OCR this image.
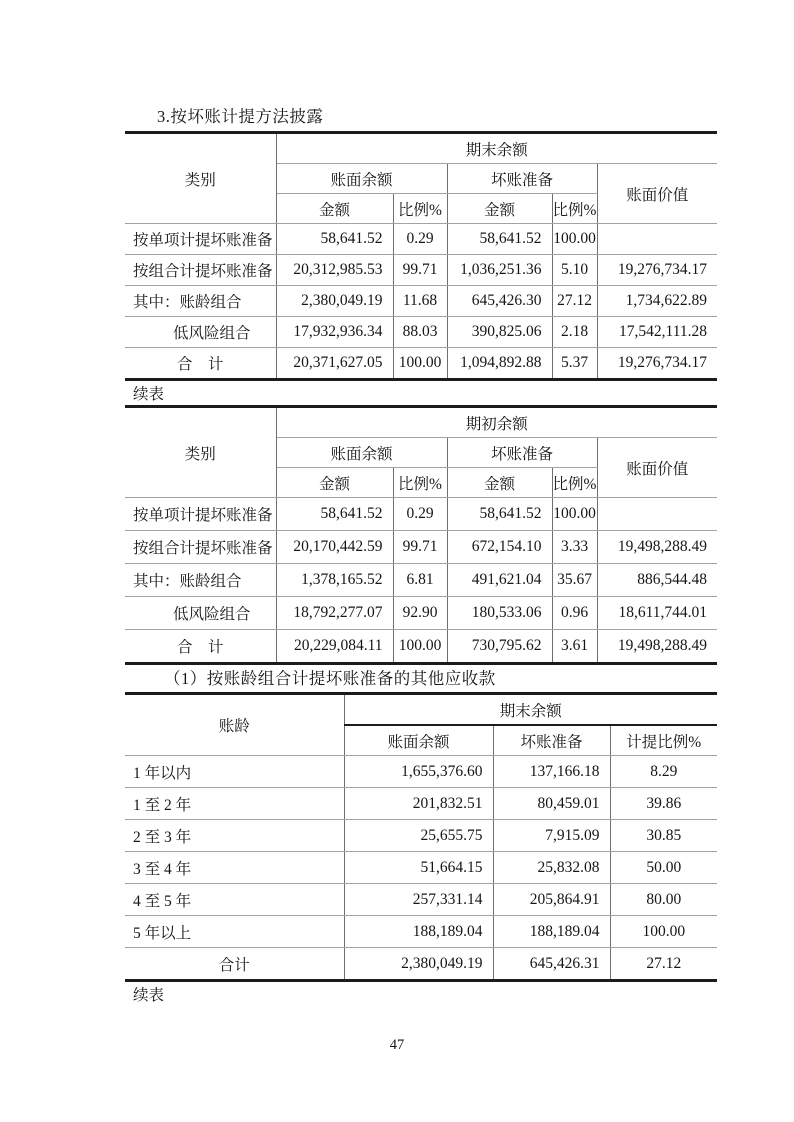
3.按坏账计提方法披露
类别	期末余额				
	账面余额		坏账准备		账面价值
	金额	比例%	金额	比例%	
按单项计提坏账准备	58,641.52	0.29	58,641.52	100.00	
按组合计提坏账准备	20,312,985.53	99.71	1,036,251.36	5.10	19,276,734.17
其中：账龄组合	2,380,049.19	11.68	645,426.30	27.12	1,734,622.89
低风险组合	17,932,936.34	88.03	390,825.06	2.18	17,542,111.28
合　计	20,371,627.05	100.00	1,094,892.88	5.37	19,276,734.17
续表
类别	期初余额				
	账面余额		坏账准备		账面价值
	金额	比例%	金额	比例%	
按单项计提坏账准备	58,641.52	0.29	58,641.52	100.00	
按组合计提坏账准备	20,170,442.59	99.71	672,154.10	3.33	19,498,288.49
其中：账龄组合	1,378,165.52	6.81	491,621.04	35.67	886,544.48
低风险组合	18,792,277.07	92.90	180,533.06	0.96	18,611,744.01
合　计	20,229,084.11	100.00	730,795.62	3.61	19,498,288.49
（1）按账龄组合计提坏账准备的其他应收款
账龄	期末余额		
	账面余额	坏账准备	计提比例%
1 年以内	1,655,376.60	137,166.18	8.29
1 至 2 年	201,832.51	80,459.01	39.86
2 至 3 年	25,655.75	7,915.09	30.85
3 至 4 年	51,664.15	25,832.08	50.00
4 至 5 年	257,331.14	205,864.91	80.00
5 年以上	188,189.04	188,189.04	100.00
合计	2,380,049.19	645,426.31	27.12
续表
47
